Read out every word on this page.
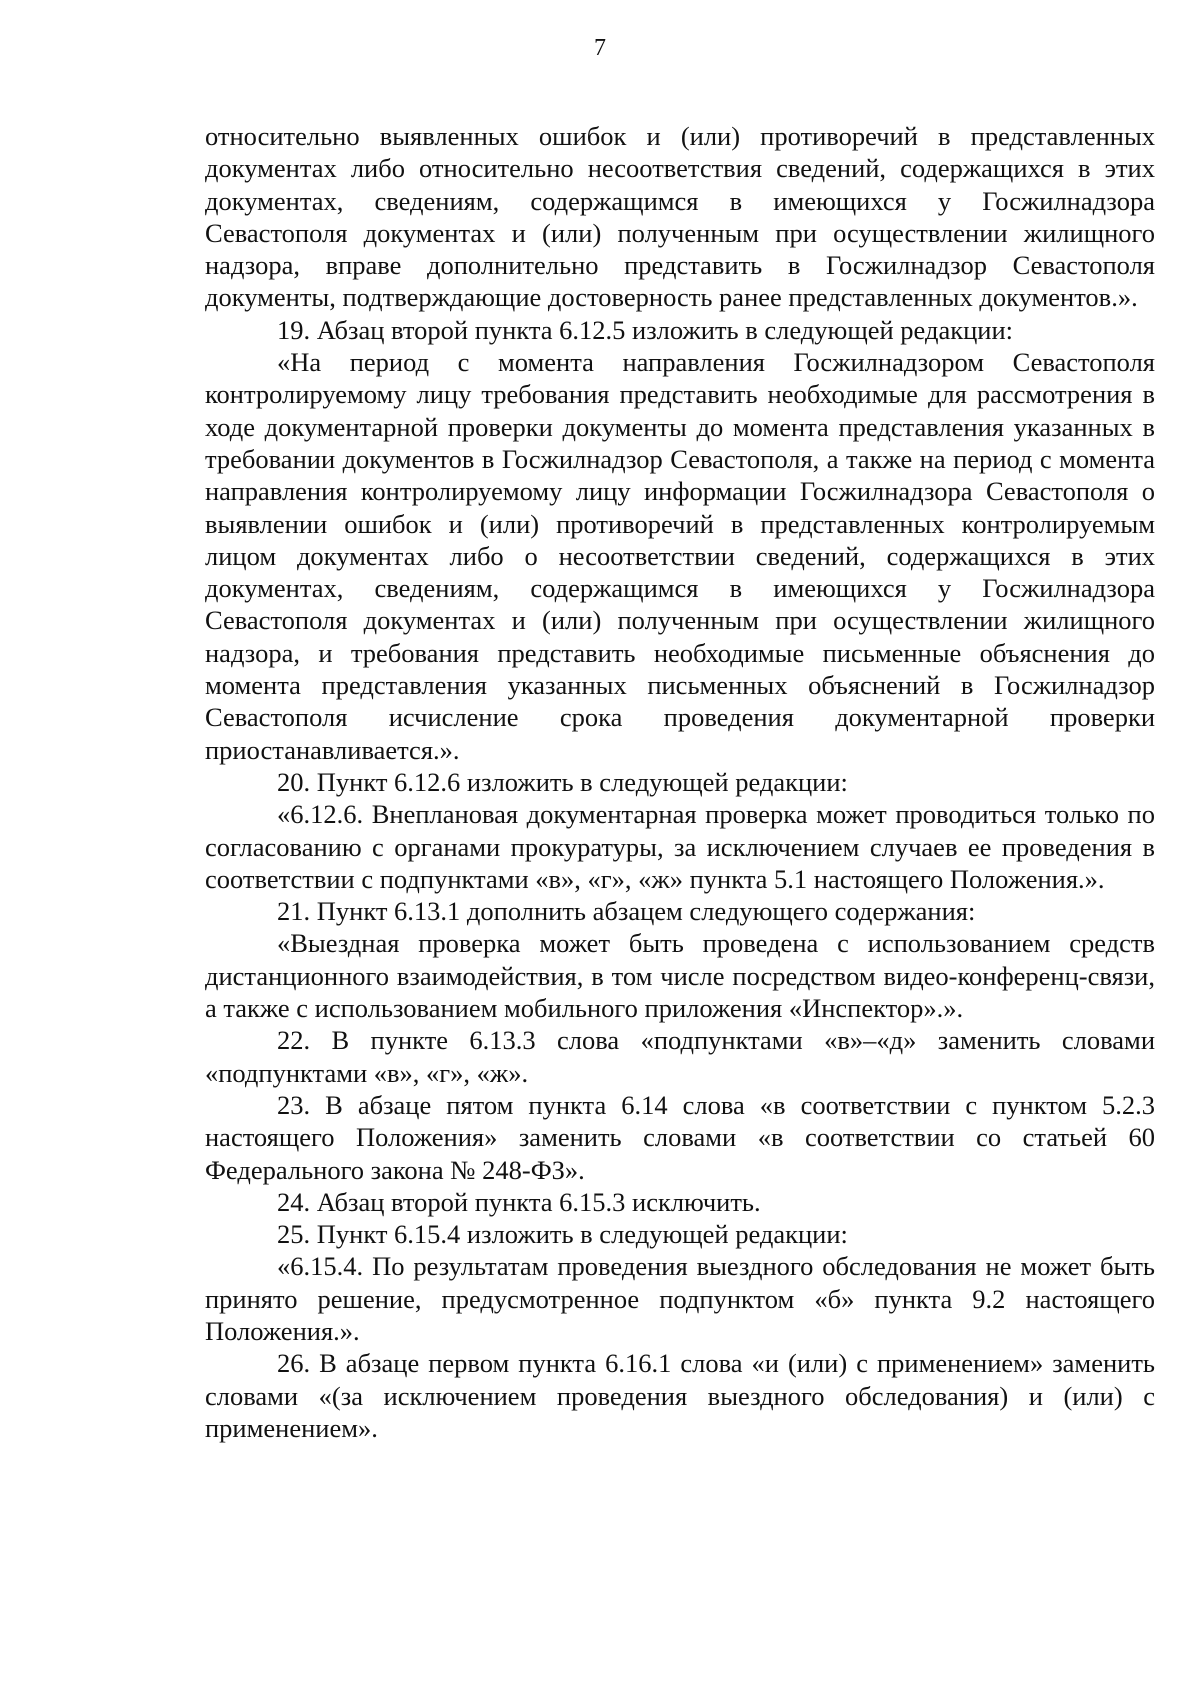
7

относительно выявленных ошибок и (или) противоречий в представленных документах либо относительно несоответствия сведений, содержащихся в этих документах, сведениям, содержащимся в имеющихся у Госжилнадзора Севастополя документах и (или) полученным при осуществлении жилищного надзора, вправе дополнительно представить в Госжилнадзор Севастополя документы, подтверждающие достоверность ранее представленных документов.».

19. Абзац второй пункта 6.12.5 изложить в следующей редакции:

«На период с момента направления Госжилнадзором Севастополя контролируемому лицу требования представить необходимые для рассмотрения в ходе документарной проверки документы до момента представления указанных в требовании документов в Госжилнадзор Севастополя, а также на период с момента направления контролируемому лицу информации Госжилнадзора Севастополя о выявлении ошибок и (или) противоречий в представленных контролируемым лицом документах либо о несоответствии сведений, содержащихся в этих документах, сведениям, содержащимся в имеющихся у Госжилнадзора Севастополя документах и (или) полученным при осуществлении жилищного надзора, и требования представить необходимые письменные объяснения до момента представления указанных письменных объяснений в Госжилнадзор Севастополя исчисление срока проведения документарной проверки приостанавливается.».

20. Пункт 6.12.6 изложить в следующей редакции:

«6.12.6. Внеплановая документарная проверка может проводиться только по согласованию с органами прокуратуры, за исключением случаев ее проведения в соответствии с подпунктами «в», «г», «ж» пункта 5.1 настоящего Положения.».

21. Пункт 6.13.1 дополнить абзацем следующего содержания:

«Выездная проверка может быть проведена с использованием средств дистанционного взаимодействия, в том числе посредством видео-конференц-связи, а также с использованием мобильного приложения «Инспектор».».

22. В пункте 6.13.3 слова «подпунктами «в»–«д» заменить словами «подпунктами «в», «г», «ж».

23. В абзаце пятом пункта 6.14 слова «в соответствии с пунктом 5.2.3 настоящего Положения» заменить словами «в соответствии со статьей 60 Федерального закона № 248-ФЗ».

24. Абзац второй пункта 6.15.3 исключить.

25. Пункт 6.15.4 изложить в следующей редакции:

«6.15.4. По результатам проведения выездного обследования не может быть принято решение, предусмотренное подпунктом «б» пункта 9.2 настоящего Положения.».

26. В абзаце первом пункта 6.16.1 слова «и (или) с применением» заменить словами «(за исключением проведения выездного обследования) и (или) с применением».
